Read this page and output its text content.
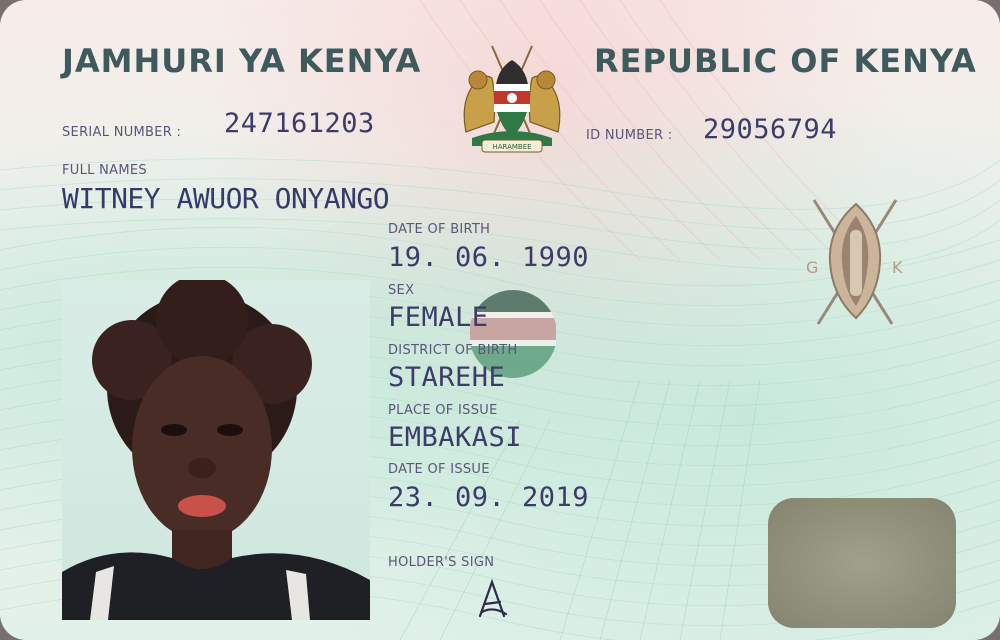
JAMHURI YA KENYA	REPUBLIC OF KENYA
HARAMBEE
SERIAL NUMBER : 247161203	ID NUMBER : 29056794
FULL NAMES
WITNEY AWUOR ONYANGO
DATE OF BIRTH
19. 06. 1990
SEX
FEMALE
DISTRICT OF BIRTH
STAREHE
PLACE OF ISSUE
EMBAKASI
DATE OF ISSUE
23. 09. 2019
HOLDER'S SIGN
G	K
